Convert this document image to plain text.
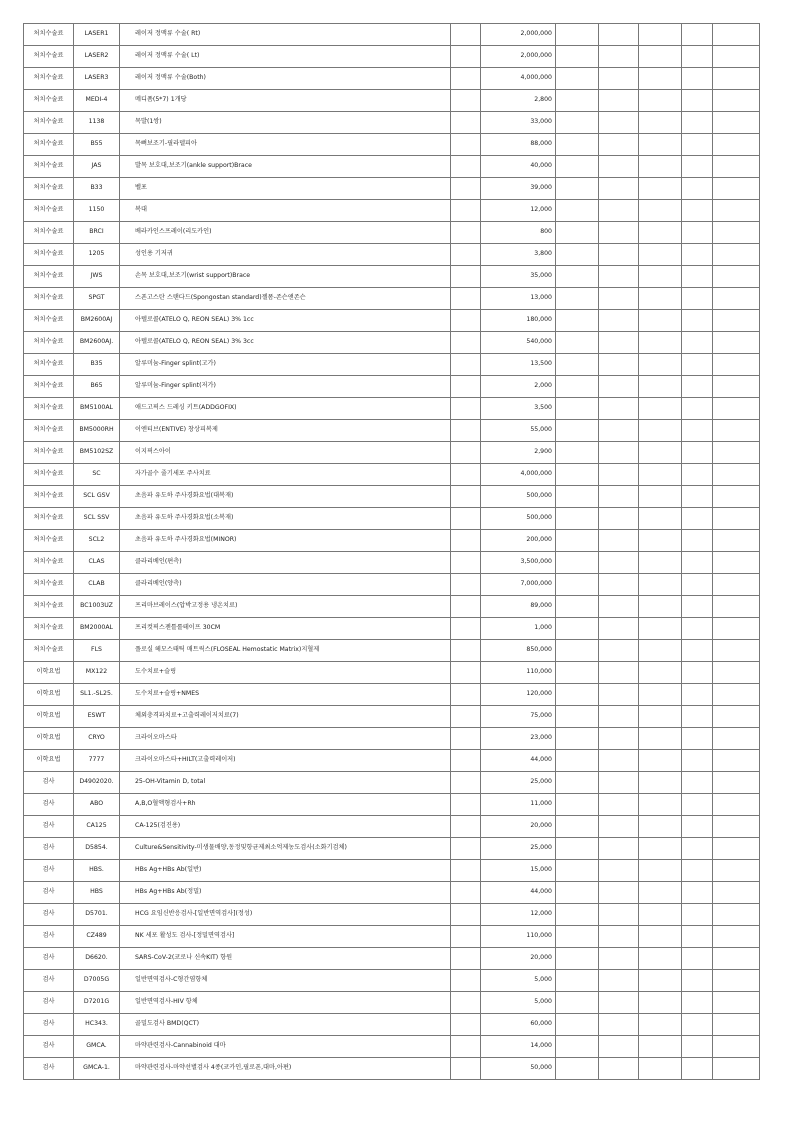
처치수술료	LASER1	레이저 정맥류 수술( Rt)		2,000,000					
처치수술료	LASER2	레이저 정맥류 수술( Lt)		2,000,000					
처치수술료	LASER3	레이저 정맥류 수술(Both)		4,000,000					
처치수술료	MEDI-4	메디폼(5*7) 1개당		2,800					
처치수술료	1138	목발(1쌍)		33,000					
처치수술료	B55	목뼈보조기-필라델피아		88,000					
처치수술료	JAS	발목 보호대,보조기(ankle support)Brace		40,000					
처치수술료	B33	벨포		39,000					
처치수술료	1150	복대		12,000					
처치수술료	BRCI	베라카인스프레이(리도카인)		800					
처치수술료	1205	성인용 기저귀		3,800					
처치수술료	JWS	손목 보호대,보조기(wrist support)Brace		35,000					
처치수술료	SPGT	스폰고스탄 스탠다드(Spongostan standard)젤폼-존슨앤존슨		13,000					
처치수술료	BM2600AJ	아텔로콜(ATELO Q, REON SEAL) 3% 1cc		180,000					
처치수술료	BM2600AJ.	아텔로콜(ATELO Q, REON SEAL) 3% 3cc		540,000					
처치수술료	B35	알루미늄-Finger splint(고가)		13,500					
처치수술료	B65	알루미늄-Finger splint(저가)		2,000					
처치수술료	BM5100AL	애드고픽스 드레싱 키트(ADDGOFIX)		3,500					
처치수술료	BM5000RH	이엔티브(ENTIVE) 창상피복제		55,000					
처치수술료	BM5102SZ	이지픽스아이		2,900					
처치수술료	SC	자가골수 줄기세포 주사치료		4,000,000					
처치수술료	SCL GSV	초음파 유도하 주사경화요법(대복재)		500,000					
처치수술료	SCL SSV	초음파 유도하 주사경화요법(소복재)		500,000					
처치수술료	SCL2	초음파 유도하 주사경화요법(MINOR)		200,000					
처치수술료	CLAS	클라리베인(편측)		3,500,000					
처치수술료	CLAB	클라리베인(양측)		7,000,000					
처치수술료	BC1003UZ	프리마브레이스(압박고정용 냉온치료)		89,000					
처치수술료	BM2000AL	프리컷픽스젠틀롤테이프 30CM		1,000					
처치수술료	FLS	플로실 헤모스태틱 매트릭스(FLOSEAL Hemostatic Matrix)지혈제		850,000					
이학요법	MX122	도수치료+슬링		110,000					
이학요법	SL1.-SL25.	도수치료+슬링+NMES		120,000					
이학요법	ESWT	체외충격파치료+고출력레이저치료(7)		75,000					
이학요법	CRYO	크라이오마스타		23,000					
이학요법	7777	크라이오마스타+HILT(고출력레이저)		44,000					
검사	D4902020.	25-OH-Vitamin D, total		25,000					
검사	ABO	A,B,O혈액형검사+Rh		11,000					
검사	CA125	CA-125(검진용)		20,000					
검사	D5854.	Culture&Sensitivity-미생물배양,동정및항균제최소억제농도검사(소화기검체)		25,000					
검사	HBS.	HBs Ag+HBs Ab(일반)		15,000					
검사	HBS	HBs Ag+HBs Ab(정밀)		44,000					
검사	D5701.	HCG 요임신반응검사-[일반면역검사](정성)		12,000					
검사	CZ489	NK 세포 활성도 검사-[정밀면역검사]		110,000					
검사	D6620.	SARS-CoV-2(코로나 신속KIT) 항원		20,000					
검사	D7005G	일반면역검사-C형간염항체		5,000					
검사	D7201G	일반면역검사-HIV 항체		5,000					
검사	HC343.	골밀도검사 BMD(QCT)		60,000					
검사	GMCA.	마약관련검사-Cannabinoid 대마		14,000					
검사	GMCA-1.	마약관련검사-마약선별검사 4종(코카인,필로폰,대마,아편)		50,000					
